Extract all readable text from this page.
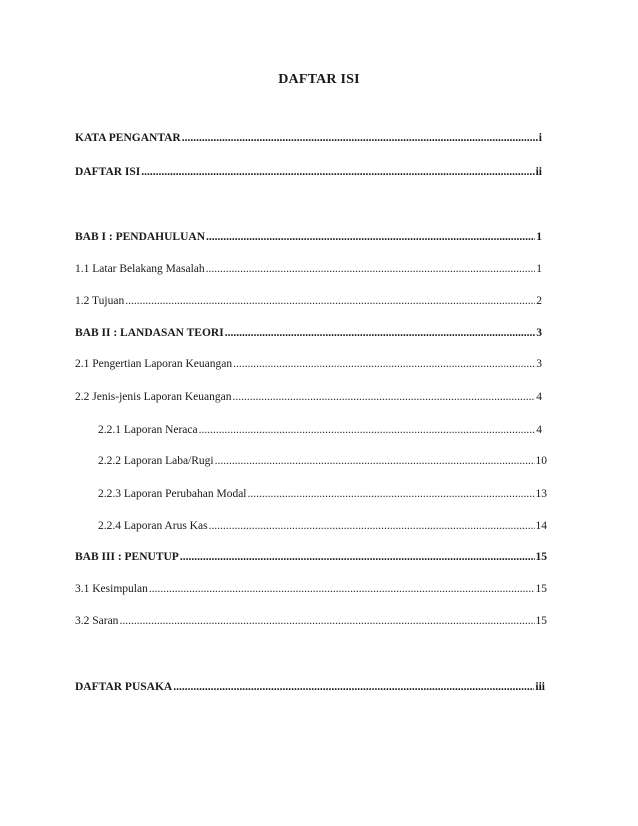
DAFTAR ISI
KATA PENGANTAR .....	i
DAFTAR ISI .....	ii
BAB I : PENDAHULUAN .....	1
1.1 Latar Belakang Masalah .....	1
1.2 Tujuan .....	2
BAB II : LANDASAN TEORI .....	3
2.1 Pengertian Laporan Keuangan .....	3
2.2 Jenis-jenis Laporan Keuangan .....	4
2.2.1 Laporan Neraca .....	4
2.2.2 Laporan Laba/Rugi .....	10
2.2.3 Laporan Perubahan Modal .....	13
2.2.4 Laporan Arus Kas .....	14
BAB III : PENUTUP .....	15
3.1 Kesimpulan .....	15
3.2 Saran .....	15
DAFTAR PUSAKA .....	iii
